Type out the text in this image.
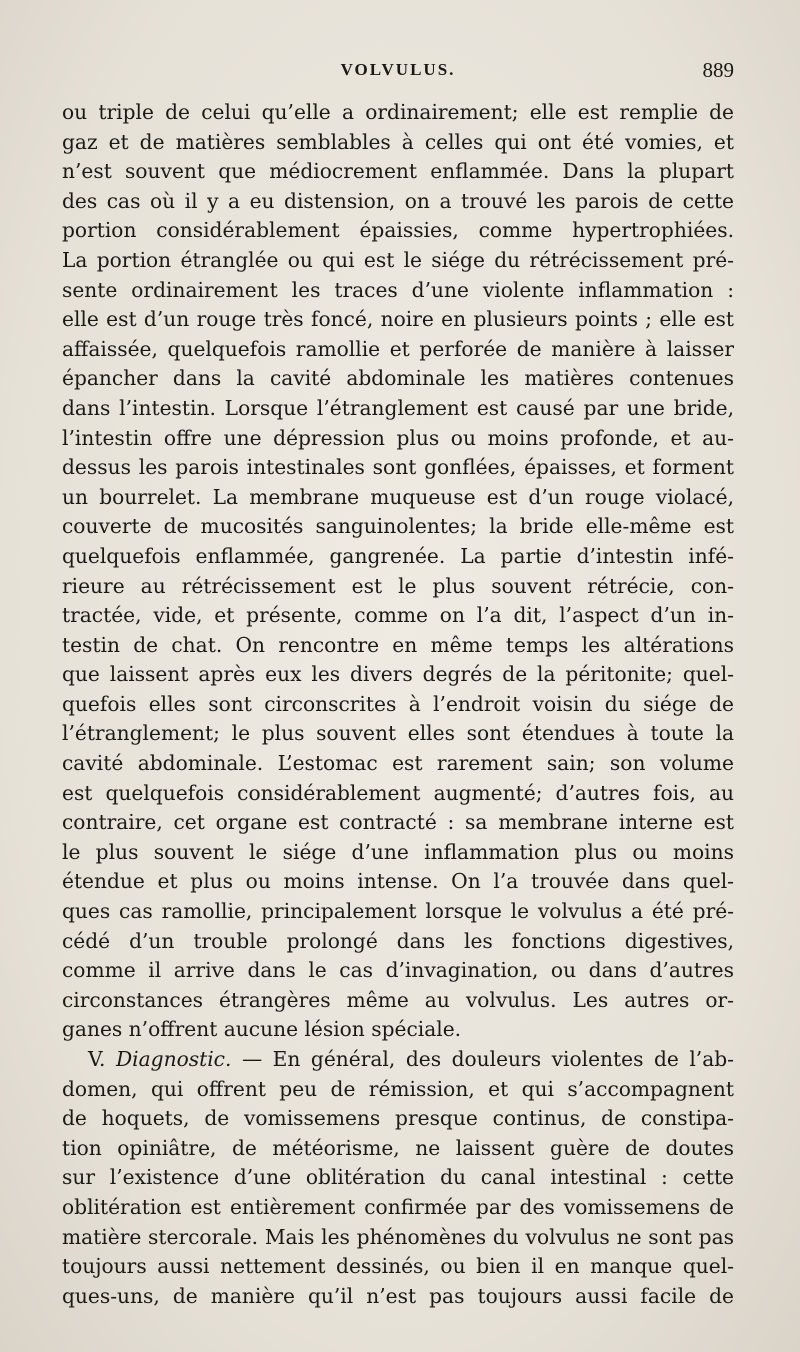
VOLVULUS.	889
ou triple de celui qu’elle a ordinairement; elle est remplie de
gaz et de matières semblables à celles qui ont été vomies, et
n’est souvent que médiocrement enflammée. Dans la plupart
des cas où il y a eu distension, on a trouvé les parois de cette
portion considérablement épaissies, comme hypertrophiées.
La portion étranglée ou qui est le siége du rétrécissement pré-
sente ordinairement les traces d’une violente inflammation :
elle est d’un rouge très foncé, noire en plusieurs points ; elle est
affaissée, quelquefois ramollie et perforée de manière à laisser
épancher dans la cavité abdominale les matières contenues
dans l’intestin. Lorsque l’étranglement est causé par une bride,
l’intestin offre une dépression plus ou moins profonde, et au-
dessus les parois intestinales sont gonflées, épaisses, et forment
un bourrelet. La membrane muqueuse est d’un rouge violacé,
couverte de mucosités sanguinolentes; la bride elle-même est
quelquefois enflammée, gangrenée. La partie d’intestin infé-
rieure au rétrécissement est le plus souvent rétrécie, con-
tractée, vide, et présente, comme on l’a dit, l’aspect d’un in-
testin de chat. On rencontre en même temps les altérations
que laissent après eux les divers degrés de la péritonite; quel-
quefois elles sont circonscrites à l’endroit voisin du siége de
l’étranglement; le plus souvent elles sont étendues à toute la
cavité abdominale. L’estomac est rarement sain; son volume
est quelquefois considérablement augmenté; d’autres fois, au
contraire, cet organe est contracté : sa membrane interne est
le plus souvent le siége d’une inflammation plus ou moins
étendue et plus ou moins intense. On l’a trouvée dans quel-
ques cas ramollie, principalement lorsque le volvulus a été pré-
cédé d’un trouble prolongé dans les fonctions digestives,
comme il arrive dans le cas d’invagination, ou dans d’autres
circonstances étrangères même au volvulus. Les autres or-
ganes n’offrent aucune lésion spéciale.
V. Diagnostic. — En général, des douleurs violentes de l’ab-
domen, qui offrent peu de rémission, et qui s’accompagnent
de hoquets, de vomissemens presque continus, de constipa-
tion opiniâtre, de météorisme, ne laissent guère de doutes
sur l’existence d’une oblitération du canal intestinal : cette
oblitération est entièrement confirmée par des vomissemens de
matière stercorale. Mais les phénomènes du volvulus ne sont pas
toujours aussi nettement dessinés, ou bien il en manque quel-
ques-uns, de manière qu’il n’est pas toujours aussi facile de
